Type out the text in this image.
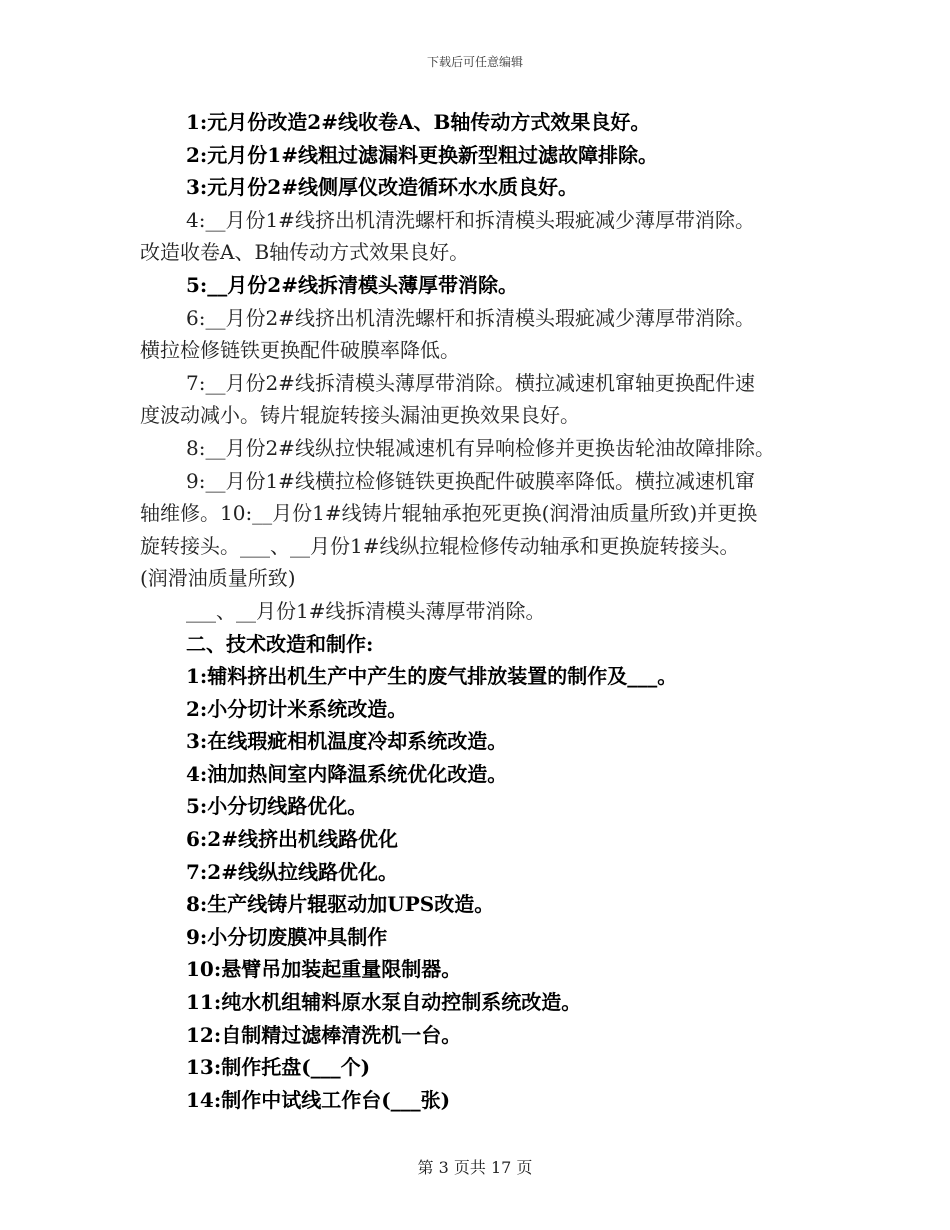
下载后可任意编辑
1:元月份改造2#线收卷A、B轴传动方式效果良好。
2:元月份1#线粗过滤漏料更换新型粗过滤故障排除。
3:元月份2#线侧厚仪改造循环水水质良好。
4:__月份1#线挤出机清洗螺杆和拆清模头瑕疵减少薄厚带消除。
改造收卷A、B轴传动方式效果良好。
5:__月份2#线拆清模头薄厚带消除。
6:__月份2#线挤出机清洗螺杆和拆清模头瑕疵减少薄厚带消除。
横拉检修链铁更换配件破膜率降低。
7:__月份2#线拆清模头薄厚带消除。横拉减速机窜轴更换配件速
度波动减小。铸片辊旋转接头漏油更换效果良好。
8:__月份2#线纵拉快辊减速机有异响检修并更换齿轮油故障排除。
9:__月份1#线横拉检修链铁更换配件破膜率降低。横拉减速机窜
轴维修。10:__月份1#线铸片辊轴承抱死更换(润滑油质量所致)并更换
旋转接头。___、__月份1#线纵拉辊检修传动轴承和更换旋转接头。
(润滑油质量所致)
___、__月份1#线拆清模头薄厚带消除。
二、技术改造和制作:
1:辅料挤出机生产中产生的废气排放装置的制作及___。
2:小分切计米系统改造。
3:在线瑕疵相机温度冷却系统改造。
4:油加热间室内降温系统优化改造。
5:小分切线路优化。
6:2#线挤出机线路优化
7:2#线纵拉线路优化。
8:生产线铸片辊驱动加UPS改造。
9:小分切废膜冲具制作
10:悬臂吊加装起重量限制器。
11:纯水机组辅料原水泵自动控制系统改造。
12:自制精过滤棒清洗机一台。
13:制作托盘(___个)
14:制作中试线工作台(___张)
第 3 页共 17 页
